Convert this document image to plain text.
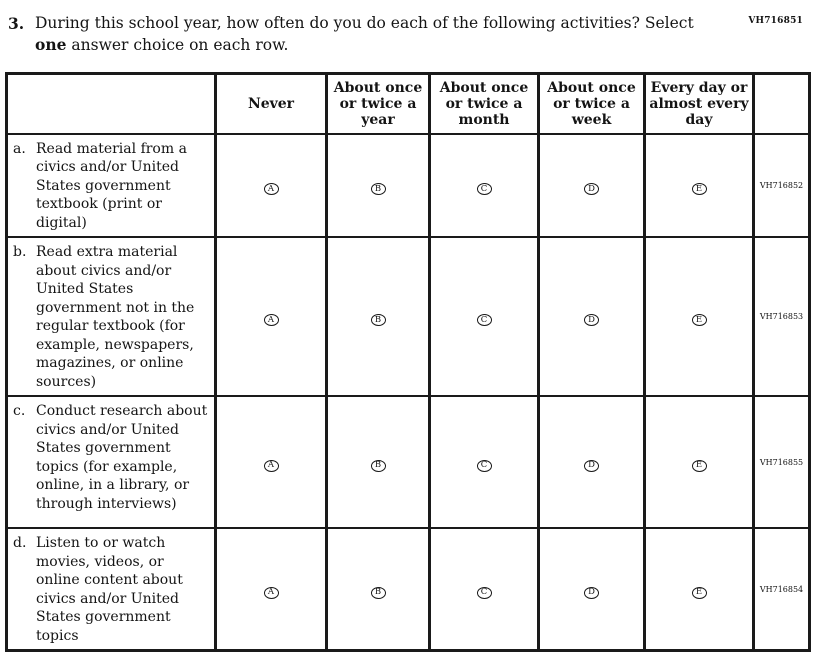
VH716851
3. During this school year, how often do you do each of the following activities? Select
one answer choice on each row.
	Never	About once or twice a year	About once or twice a month	About once or twice a week	Every day or almost every day	

a. Read material from a civics and/or United States government textbook (print or digital)	A	B	C	D	E	VH716852

b. Read extra material about civics and/or United States government not in the regular textbook (for example, newspapers, magazines, or online sources)	A	B	C	D	E	VH716853

c. Conduct research about civics and/or United States government topics (for example, online, in a library, or through interviews)	A	B	C	D	E	VH716855

d. Listen to or watch movies, videos, or online content about civics and/or United States government topics	A	B	C	D	E	VH716854
